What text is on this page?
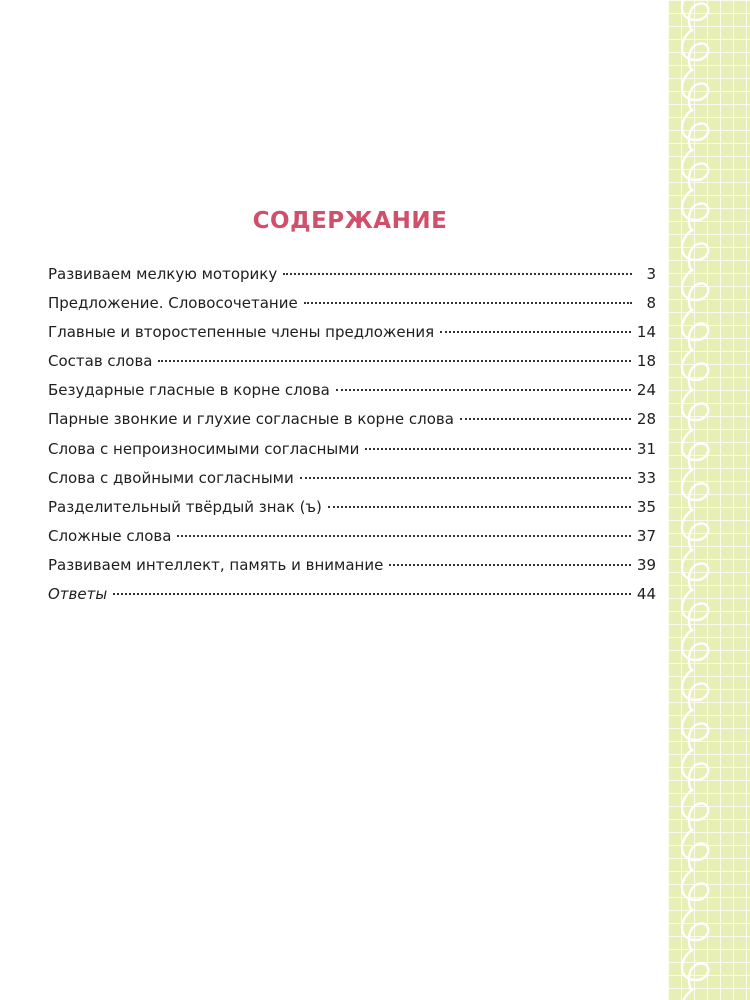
СОДЕРЖАНИЕ
Развиваем мелкую моторику	3
Предложение. Словосочетание	8
Главные и второстепенные члены предложения	14
Состав слова	18
Безударные гласные в корне слова	24
Парные звонкие и глухие согласные в корне слова	28
Слова с непроизносимыми согласными	31
Слова с двойными согласными	33
Разделительный твёрдый знак (ъ)	35
Сложные слова	37
Развиваем интеллект, память и внимание	39
Ответы	44
